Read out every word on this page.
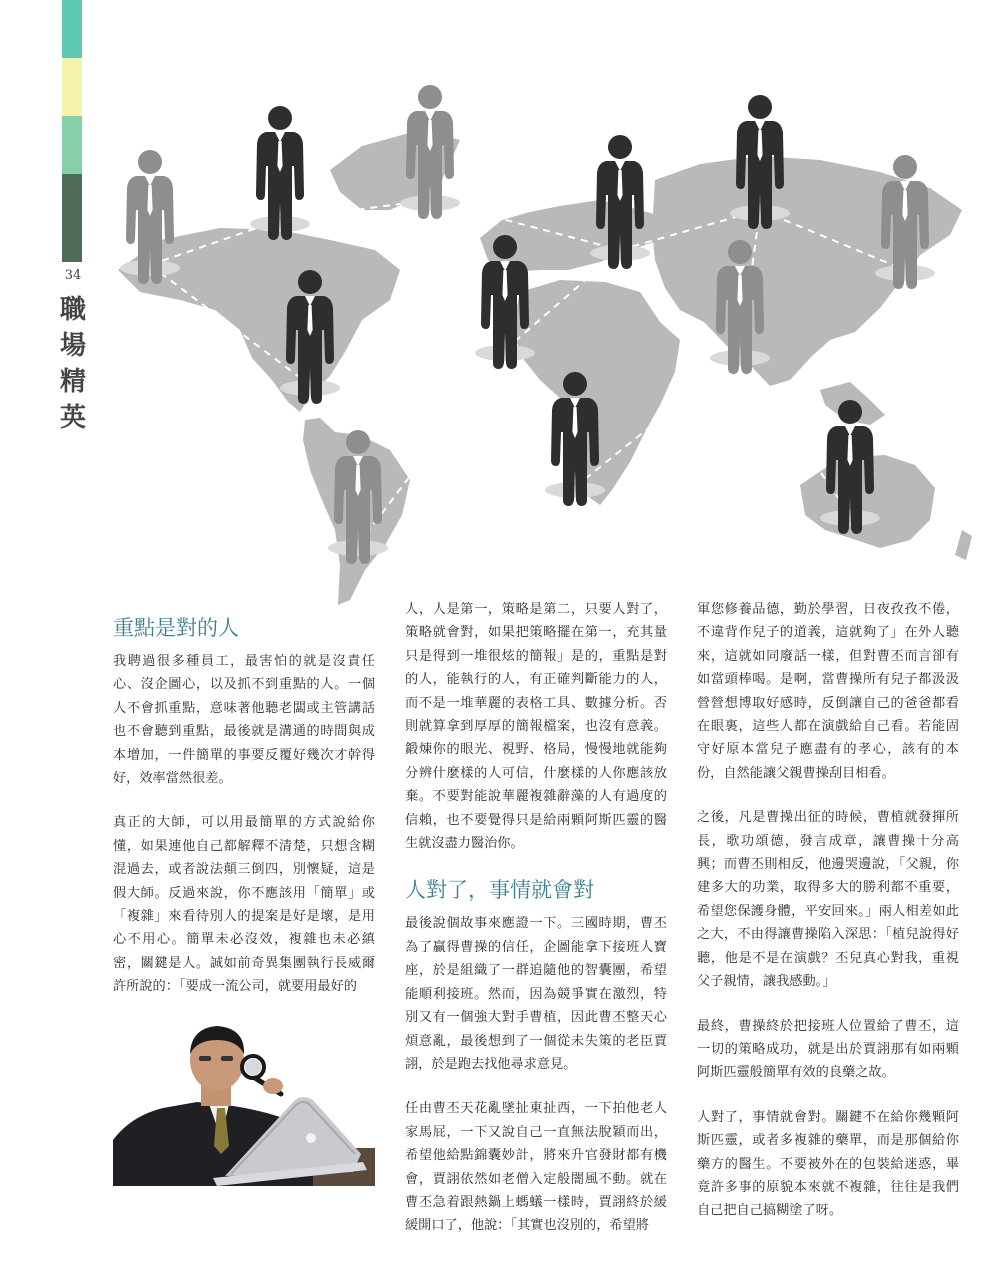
34
職場精英
重點是對的人

我聘過很多種員工，最害怕的就是沒責任心、沒企圖心，以及抓不到重點的人。一個人不會抓重點，意味著他聽老闆或主管講話也不會聽到重點，最後就是溝通的時間與成本增加，一件簡單的事要反覆好幾次才幹得好，效率當然很差。

真正的大師，可以用最簡單的方式說給你懂，如果連他自己都解釋不清楚，只想含糊混過去，或者說法顛三倒四，別懷疑，這是假大師。反過來說，你不應該用「簡單」或「複雜」來看待別人的提案是好是壞，是用心不用心。簡單未必沒效，複雜也未必縝密，關鍵是人。誠如前奇異集團執行長威爾許所說的：「要成一流公司，就要用最好的

人，人是第一，策略是第二，只要人對了，策略就會對，如果把策略擺在第一，充其量只是得到一堆很炫的簡報」是的，重點是對的人，能執行的人，有正確判斷能力的人，而不是一堆華麗的表格工具、數據分析。否則就算拿到厚厚的簡報檔案，也沒有意義。鍛煉你的眼光、視野、格局，慢慢地就能夠分辨什麼樣的人可信，什麼樣的人你應該放棄。不要對能說華麗複雜辭藻的人有過度的信賴，也不要覺得只是給兩顆阿斯匹靈的醫生就沒盡力醫治你。

人對了，事情就會對

最後說個故事來應證一下。三國時期，曹丕為了贏得曹操的信任，企圖能拿下接班人寶座，於是組織了一群追隨他的智囊團，希望能順利接班。然而，因為競爭實在激烈，特別又有一個強大對手曹植，因此曹丕整天心煩意亂，最後想到了一個從未失策的老臣賈詡，於是跑去找他尋求意見。

任由曹丕天花亂墜扯東扯西，一下拍他老人家馬屁，一下又說自己一直無法脫穎而出，希望他給點錦囊妙計，將來升官發財都有機會，賈詡依然如老僧入定般闇風不動。就在曹丕急着跟熱鍋上螞蟻一樣時，賈詡終於緩緩開口了，他說：「其實也沒別的，希望將

軍您修養品德，勤於學習，日夜孜孜不倦，不違背作兒子的道義，這就夠了」在外人聽來，這就如同廢話一樣，但對曹丕而言卻有如當頭棒喝。是啊，當曹操所有兒子都汲汲營營想博取好感時，反倒讓自己的爸爸都看在眼裏，這些人都在演戲給自己看。若能固守好原本當兒子應盡有的孝心，該有的本份，自然能讓父親曹操刮目相看。

之後，凡是曹操出征的時候，曹植就發揮所長，歌功頌德，發言成章，讓曹操十分高興；而曹丕則相反，他邊哭邊說，「父親，你建多大的功業，取得多大的勝利都不重要，希望您保護身體，平安回來。」兩人相差如此之大，不由得讓曹操陷入深思：「植兒說得好聽，他是不是在演戲？丕兒真心對我，重視父子親情，讓我感動。」

最終，曹操終於把接班人位置給了曹丕，這一切的策略成功，就是出於賈詡那有如兩顆阿斯匹靈般簡單有效的良藥之故。

人對了，事情就會對。關鍵不在給你幾顆阿斯匹靈，或者多複雜的藥單，而是那個給你藥方的醫生。不要被外在的包裝給迷惑，畢竟許多事的原貌本來就不複雜，往往是我們自己把自己搞糊塗了呀。
